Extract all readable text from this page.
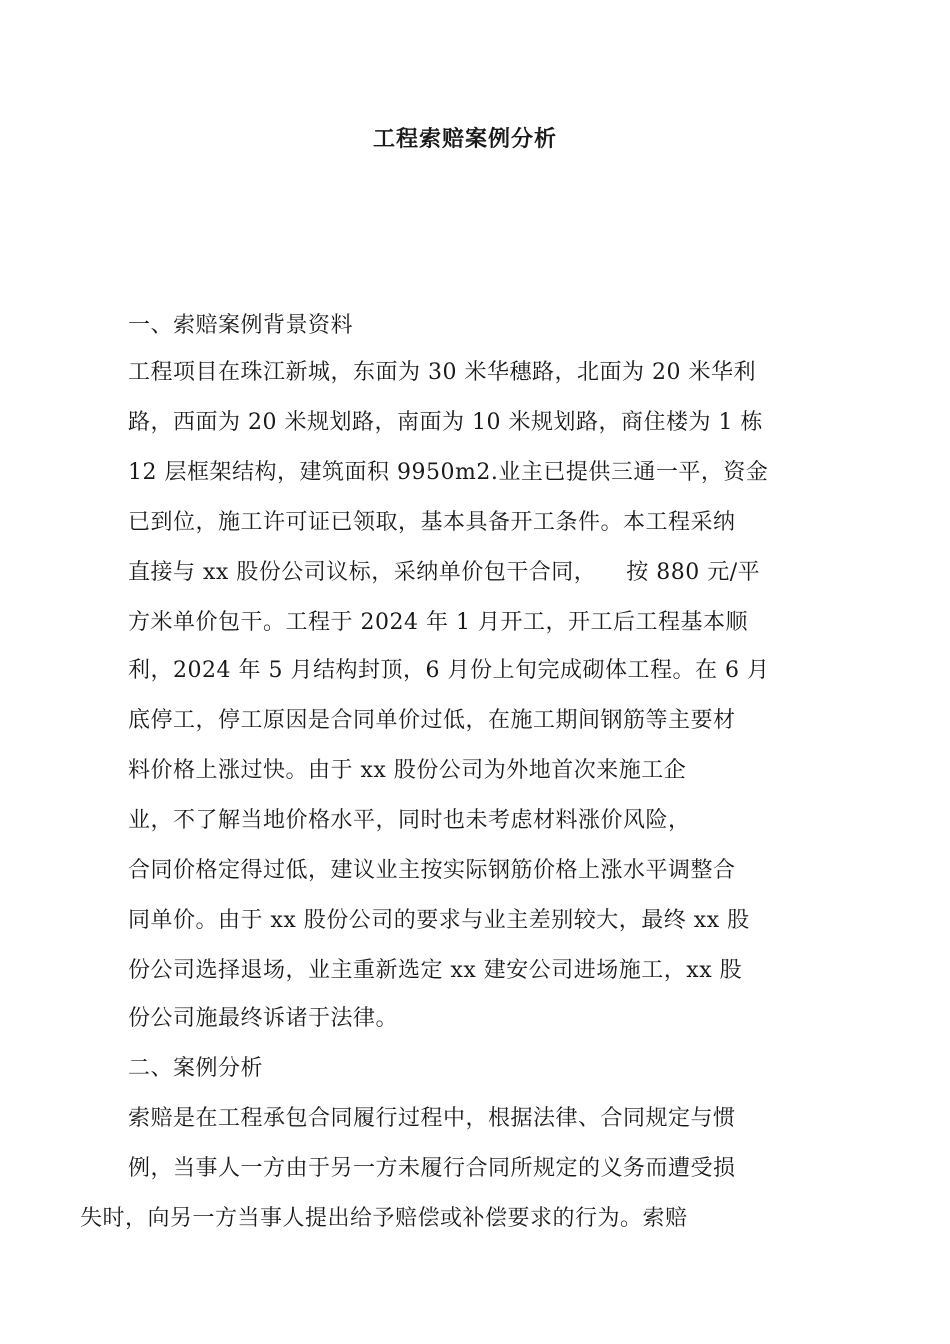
工程索赔案例分析
一、索赔案例背景资料
工程项目在珠江新城，东面为 30 米华穗路，北面为 20 米华利
路，西面为 20 米规划路，南面为 10 米规划路，商住楼为 1 栋
12 层框架结构，建筑面积 9950m2.业主已提供三通一平，资金
已到位，施工许可证已领取，基本具备开工条件。本工程采纳
直接与 xx 股份公司议标，采纳单价包干合同，    按 880 元/平
方米单价包干。工程于 2024 年 1 月开工，开工后工程基本顺
利，2024 年 5 月结构封顶，6 月份上旬完成砌体工程。在 6 月
底停工，停工原因是合同单价过低，在施工期间钢筋等主要材
料价格上涨过快。由于 xx 股份公司为外地首次来施工企
业，不了解当地价格水平，同时也未考虑材料涨价风险，
合同价格定得过低，建议业主按实际钢筋价格上涨水平调整合
同单价。由于 xx 股份公司的要求与业主差别较大，最终 xx 股
份公司选择退场，业主重新选定 xx 建安公司进场施工，xx 股
份公司施最终诉诸于法律。
二、案例分析
索赔是在工程承包合同履行过程中，根据法律、合同规定与惯
例，当事人一方由于另一方未履行合同所规定的义务而遭受损
失时，向另一方当事人提出给予赔偿或补偿要求的行为。索赔
